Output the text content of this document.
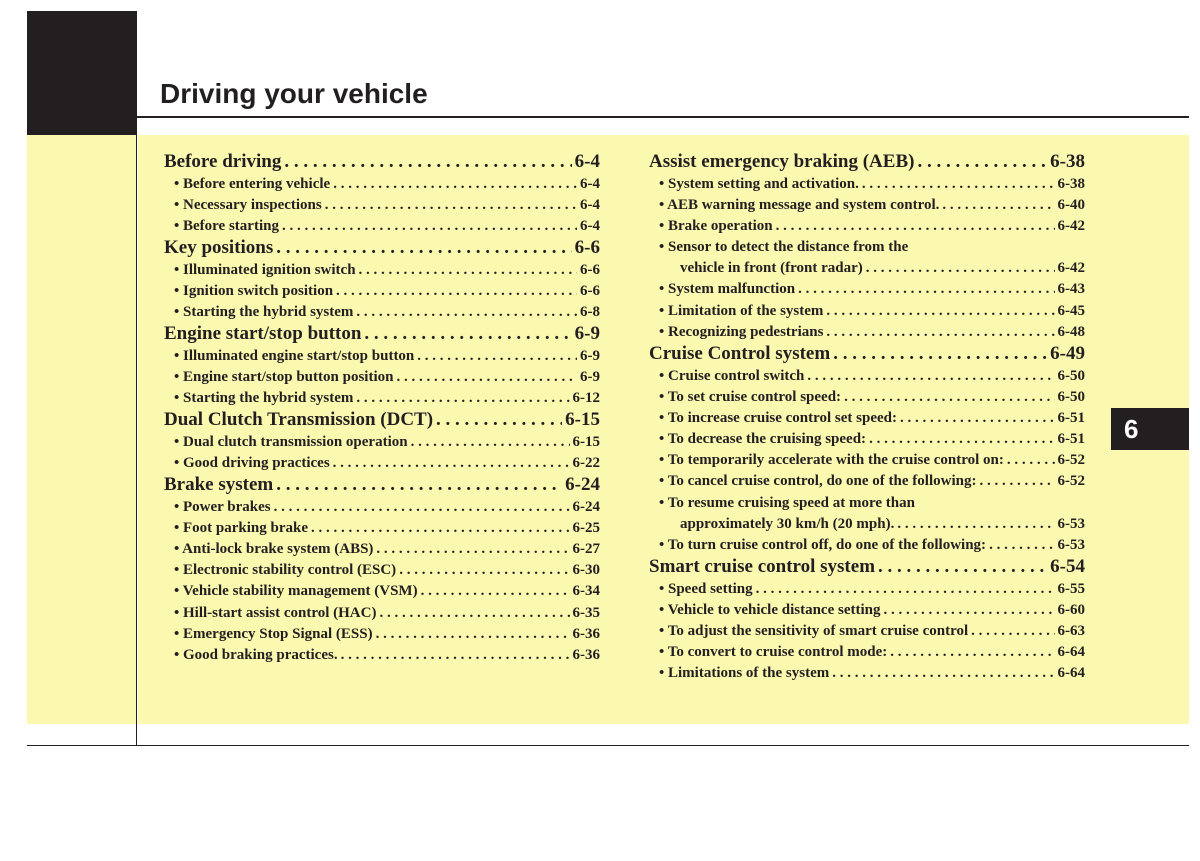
Driving your vehicle
6
Before driving . . .	6-4
• Before entering vehicle . . .	6-4
• Necessary inspections . . .	6-4
• Before starting . . .	6-4
Key positions . . .	6-6
• Illuminated ignition switch . . .	6-6
• Ignition switch position . . .	6-6
• Starting the hybrid system . . .	6-8
Engine start/stop button . . .	6-9
• Illuminated engine start/stop button . . .	6-9
• Engine start/stop button position . . .	6-9
• Starting the hybrid system . . .	6-12
Dual Clutch Transmission (DCT) . . .	6-15
• Dual clutch transmission operation . . .	6-15
• Good driving practices . . .	6-22
Brake system . . .	6-24
• Power brakes . . .	6-24
• Foot parking brake . . .	6-25
• Anti-lock brake system (ABS) . . .	6-27
• Electronic stability control (ESC) . . .	6-30
• Vehicle stability management (VSM) . . .	6-34
• Hill-start assist control (HAC) . . .	6-35
• Emergency Stop Signal (ESS) . . .	6-36
• Good braking practices. . . .	6-36
Assist emergency braking (AEB) . . .	6-38
• System setting and activation. . . .	6-38
• AEB warning message and system control. . . .	6-40
• Brake operation . . .	6-42
• Sensor to detect the distance from the
vehicle in front (front radar) . . .	6-42
• System malfunction . . .	6-43
• Limitation of the system . . .	6-45
• Recognizing pedestrians . . .	6-48
Cruise Control system . . .	6-49
• Cruise control switch . . .	6-50
• To set cruise control speed: . . .	6-50
• To increase cruise control set speed: . . .	6-51
• To decrease the cruising speed: . . .	6-51
• To temporarily accelerate with the cruise control on: . . .	6-52
• To cancel cruise control, do one of the following: . . .	6-52
• To resume cruising speed at more than
approximately 30 km/h (20 mph). . . .	6-53
• To turn cruise control off, do one of the following: . . .	6-53
Smart cruise control system . . .	6-54
• Speed setting . . .	6-55
• Vehicle to vehicle distance setting . . .	6-60
• To adjust the sensitivity of smart cruise control . . .	6-63
• To convert to cruise control mode: . . .	6-64
• Limitations of the system . . .	6-64
